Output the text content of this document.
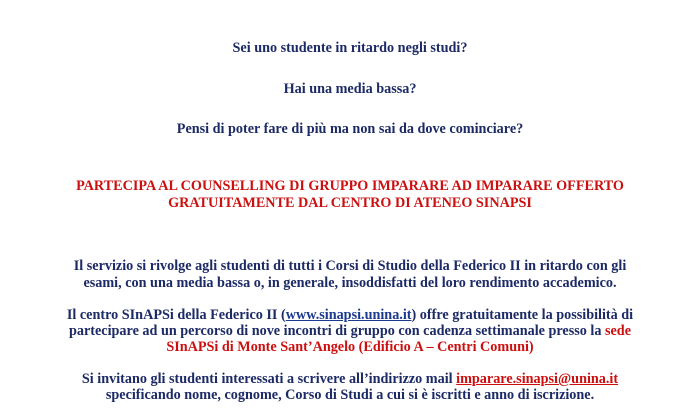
Sei uno studente in ritardo negli studi?
Hai una media bassa?
Pensi di poter fare di più ma non sai da dove cominciare?
PARTECIPA AL COUNSELLING DI GRUPPO IMPARARE AD IMPARARE OFFERTO
GRATUITAMENTE DAL CENTRO DI ATENEO SINAPSI
Il servizio si rivolge agli studenti di tutti i Corsi di Studio della Federico II in ritardo con gli
esami, con una media bassa o, in generale, insoddisfatti del loro rendimento accademico.
Il centro SInAPSi della Federico II (www.sinapsi.unina.it) offre gratuitamente la possibilità di
partecipare ad un percorso di nove incontri di gruppo con cadenza settimanale presso la sede
SInAPSi di Monte Sant’Angelo (Edificio A – Centri Comuni)
Si invitano gli studenti interessati a scrivere all’indirizzo mail imparare.sinapsi@unina.it
specificando nome, cognome, Corso di Studi a cui si è iscritti e anno di iscrizione.
